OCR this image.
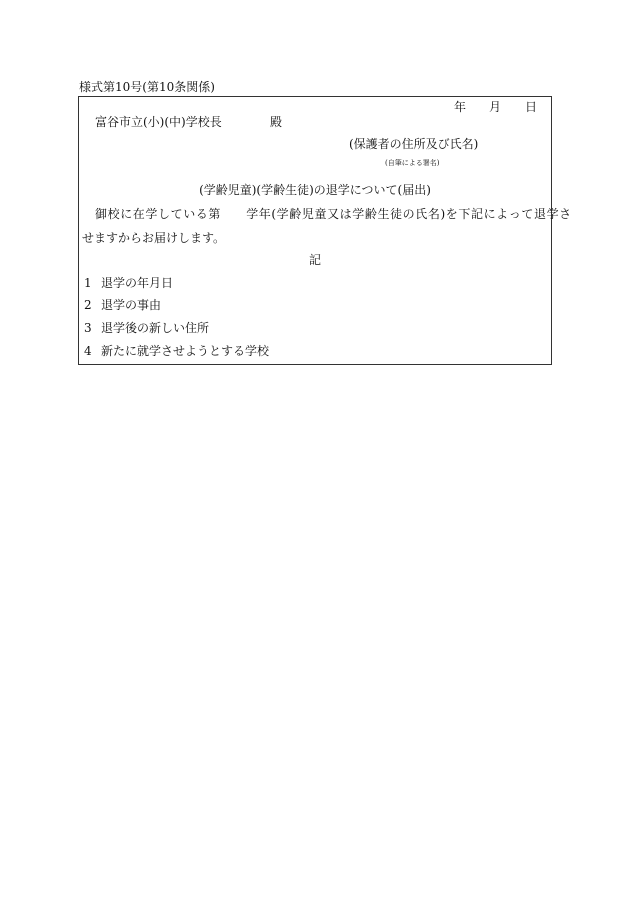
様式第10号(第10条関係)
年 月 日
富谷市立(小)(中)学校長	殿
(保護者の住所及び氏名)
(自筆による署名)
(学齢児童)(学齢生徒)の退学について(届出)
御校に在学している第　　学年(学齢児童又は学齢生徒の氏名)を下記によって退学さ
せますからお届けします。
記
1 退学の年月日
2 退学の事由
3 退学後の新しい住所
4 新たに就学させようとする学校
